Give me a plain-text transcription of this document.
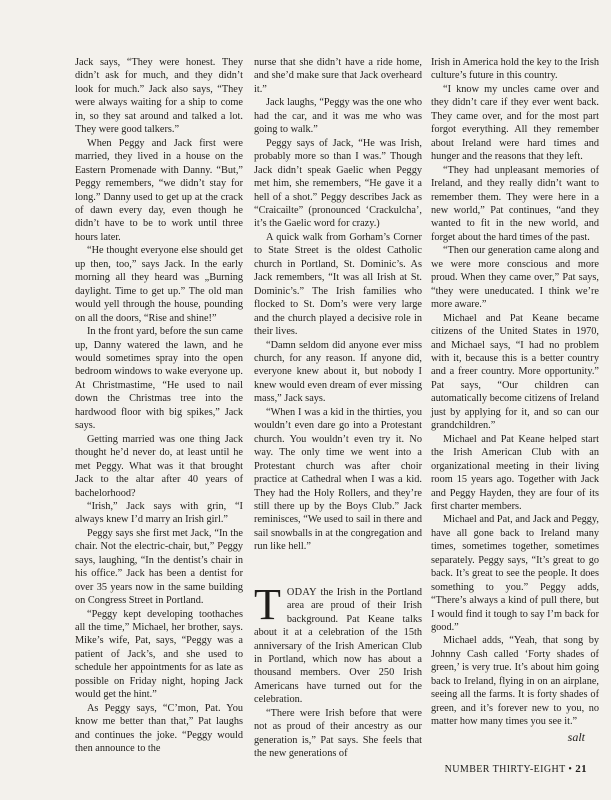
Jack says, “They were honest. They didn’t ask for much, and they didn’t look for much.” Jack also says, “They were always waiting for a ship to come in, so they sat around and talked a lot. They were good talkers.”

When Peggy and Jack first were married, they lived in a house on the Eastern Promenade with Danny. “But,” Peggy remembers, “we didn’t stay for long.” Danny used to get up at the crack of dawn every day, even though he didn’t have to be to work until three hours later.

“He thought everyone else should get up then, too,” says Jack. In the early morning all they heard was „Burning daylight. Time to get up.” The old man would yell through the house, pounding on all the doors, “Rise and shine!”

In the front yard, before the sun came up, Danny watered the lawn, and he would sometimes spray into the open bedroom windows to wake everyone up. At Christmastime, “He used to nail down the Christmas tree into the hardwood floor with big spikes,” Jack says.

Getting married was one thing Jack thought he’d never do, at least until he met Peggy. What was it that brought Jack to the altar after 40 years of bachelorhood?

“Irish,” Jack says with grin, “I always knew I’d marry an Irish girl.”

Peggy says she first met Jack, “In the chair. Not the electric-chair, but,” Peggy says, laughing, “In the dentist’s chair in his office.” Jack has been a dentist for over 35 years now in the same building on Congress Street in Portland.

“Peggy kept developing toothaches all the time,” Michael, her brother, says. Mike’s wife, Pat, says, “Peggy was a patient of Jack’s, and she used to schedule her appointments for as late as possible on Friday night, hoping Jack would get the hint.”

As Peggy says, “C’mon, Pat. You know me better than that,” Pat laughs and continues the joke. “Peggy would then announce to the

nurse that she didn’t have a ride home, and she’d make sure that Jack overheard it.”

Jack laughs, “Peggy was the one who had the car, and it was me who was going to walk.”

Peggy says of Jack, “He was Irish, probably more so than I was.” Though Jack didn’t speak Gaelic when Peggy met him, she remembers, “He gave it a hell of a shot.” Peggy describes Jack as “Craicailte” (pronounced ‘Crackulcha’, it’s the Gaelic word for crazy.)

A quick walk from Gorham’s Corner to State Street is the oldest Catholic church in Portland, St. Dominic’s. As Jack remembers, “It was all Irish at St. Dominic’s.” The Irish families who flocked to St. Dom’s were very large and the church played a decisive role in their lives.

“Damn seldom did anyone ever miss church, for any reason. If anyone did, everyone knew about it, but nobody I knew would even dream of ever missing mass,” Jack says.

“When I was a kid in the thirties, you wouldn’t even dare go into a Protestant church. You wouldn’t even try it. No way. The only time we went into a Protestant church was after choir practice at Cathedral when I was a kid. They had the Holy Rollers, and they’re still there up by the Boys Club.” Jack reminisces, “We used to sail in there and sail snowballs in at the congregation and run like hell.”

TODAY the Irish in the Portland area are proud of their Irish background. Pat Keane talks about it at a celebration of the 15th anniversary of the Irish American Club in Portland, which now has about a thousand members. Over 250 Irish Americans have turned out for the celebration.

“There were Irish before that were not as proud of their ancestry as our generation is,” Pat says. She feels that the new generations of

Irish in America hold the key to the Irish culture’s future in this country.

“I know my uncles came over and they didn’t care if they ever went back. They came over, and for the most part forgot everything. All they remember about Ireland were hard times and hunger and the reasons that they left.

“They had unpleasant memories of Ireland, and they really didn’t want to remember them. They were here in a new world,” Pat continues, “and they wanted to fit in the new world, and forget about the hard times of the past.

“Then our generation came along and we were more conscious and more proud. When they came over,” Pat says, “they were uneducated. I think we’re more aware.”

Michael and Pat Keane became citizens of the United States in 1970, and Michael says, “I had no problem with it, because this is a better country and a freer country. More opportunity.” Pat says, “Our children can automatically become citizens of Ireland just by applying for it, and so can our grandchildren.”

Michael and Pat Keane helped start the Irish American Club with an organizational meeting in their living room 15 years ago. Together with Jack and Peggy Hayden, they are four of its first charter members.

Michael and Pat, and Jack and Peggy, have all gone back to Ireland many times, sometimes together, sometimes separately. Peggy says, “It’s great to go back. It’s great to see the people. It does something to you.” Peggy adds, “There’s always a kind of pull there, but I would find it tough to say I’m back for good.”

Michael adds, “Yeah, that song by Johnny Cash called ‘Forty shades of green,’ is very true. It’s about him going back to Ireland, flying in on an airplane, seeing all the farms. It is forty shades of green, and it’s forever new to you, no matter how many times you see it.”

salt
NUMBER THIRTY-EIGHT • 21
